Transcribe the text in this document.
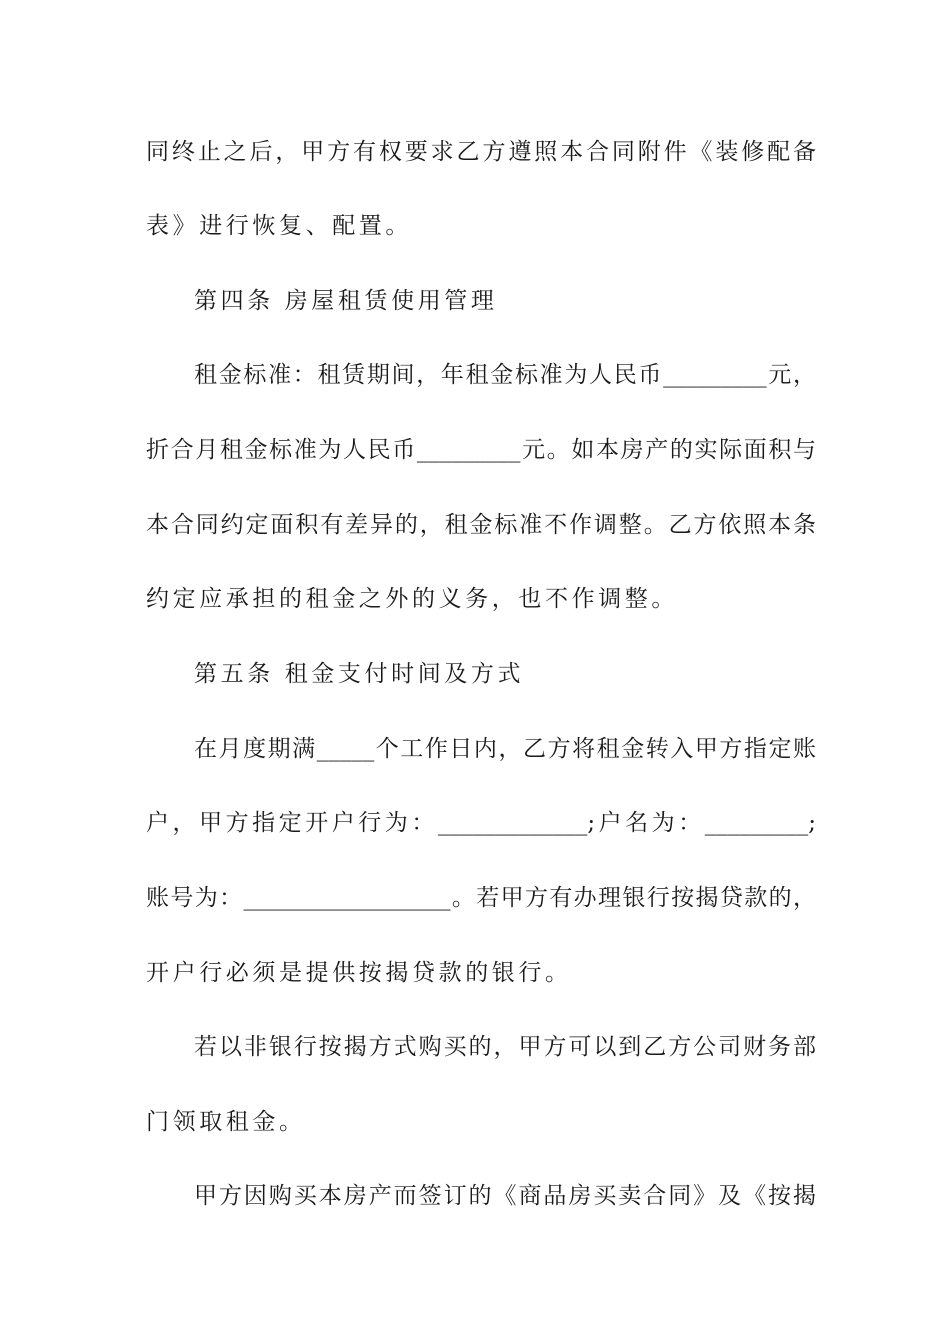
同终止之后，甲方有权要求乙方遵照本合同附件《装修配备
表》进行恢复、配置。
第四条 房屋租赁使用管理
租金标准：租赁期间，年租金标准为人民币_________元，
折合月租金标准为人民币_________元。如本房产的实际面积与
本合同约定面积有差异的，租金标准不作调整。乙方依照本条
约定应承担的租金之外的义务，也不作调整。
第五条 租金支付时间及方式
在月度期满_____个工作日内，乙方将租金转入甲方指定账
户，甲方指定开户行为：_____________;户名为：_________;
账号为：__________________。若甲方有办理银行按揭贷款的，
开户行必须是提供按揭贷款的银行。
若以非银行按揭方式购买的，甲方可以到乙方公司财务部
门领取租金。
甲方因购买本房产而签订的《商品房买卖合同》及《按揭
